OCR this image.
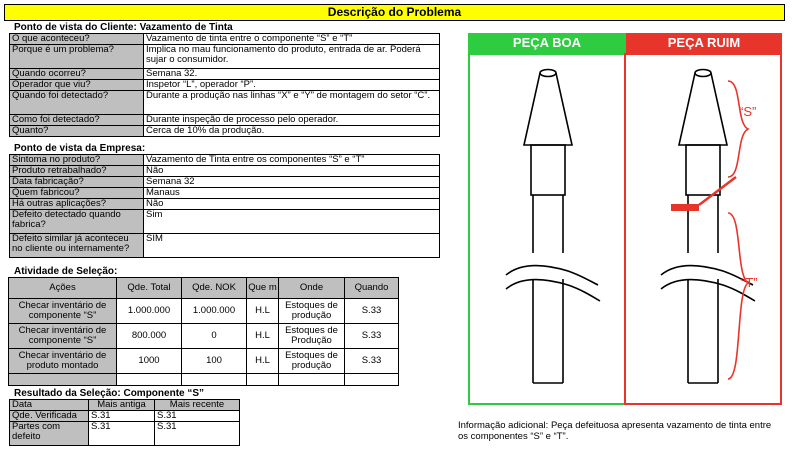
Descrição do Problema
Ponto de vista do Cliente: Vazamento de Tinta
O que aconteceu?	Vazamento de tinta entre o componente “S” e “T”
Porque é um problema?	Implica no mau funcionamento do produto, entrada de ar. Poderá sujar o consumidor.
Quando ocorreu?	Semana 32.
Operador que viu?	Inspetor “L”, operador “P”.
Quando foi detectado?	Durante a produção nas linhas “X” e “Y” de montagem do setor “C”.
Como foi detectado?	Durante inspeção de processo pelo operador.
Quanto?	Cerca de 10% da produção.
Ponto de vista da Empresa:
Sintoma no produto?	Vazamento de Tinta entre os componentes “S” e “T”
Produto retrabalhado?	Não
Data fabricação?	Semana 32
Quem fabricou?	Manaus
Há outras aplicações?	Não
Defeito detectado quando fabrica?	Sim
Defeito similar já aconteceu no cliente ou internamente?	SIM
Atividade de Seleção:
Ações	Qde. Total	Qde. NOK	Que m	Onde	Quando
Checar inventário de componente “S”	1.000.000	1.000.000	H.L	Estoques de produção	S.33
Checar inventário de componente “S”	800.000	0	H.L	Estoques de Produção	S.33
Checar inventário de produto montado	1000	100	H.L	Estoques de produção	S.33

Resultado da Seleção: Componente “S”
Data	Mais antiga	Mais recente
Qde. Verificada	S.31	S.31
Partes com defeito	S.31	S.31
PEÇA BOA	PEÇA RUIM
“S”
“T”
Informação adicional: Peça defeituosa apresenta vazamento de tinta entre os componentes “S” e “T”.
